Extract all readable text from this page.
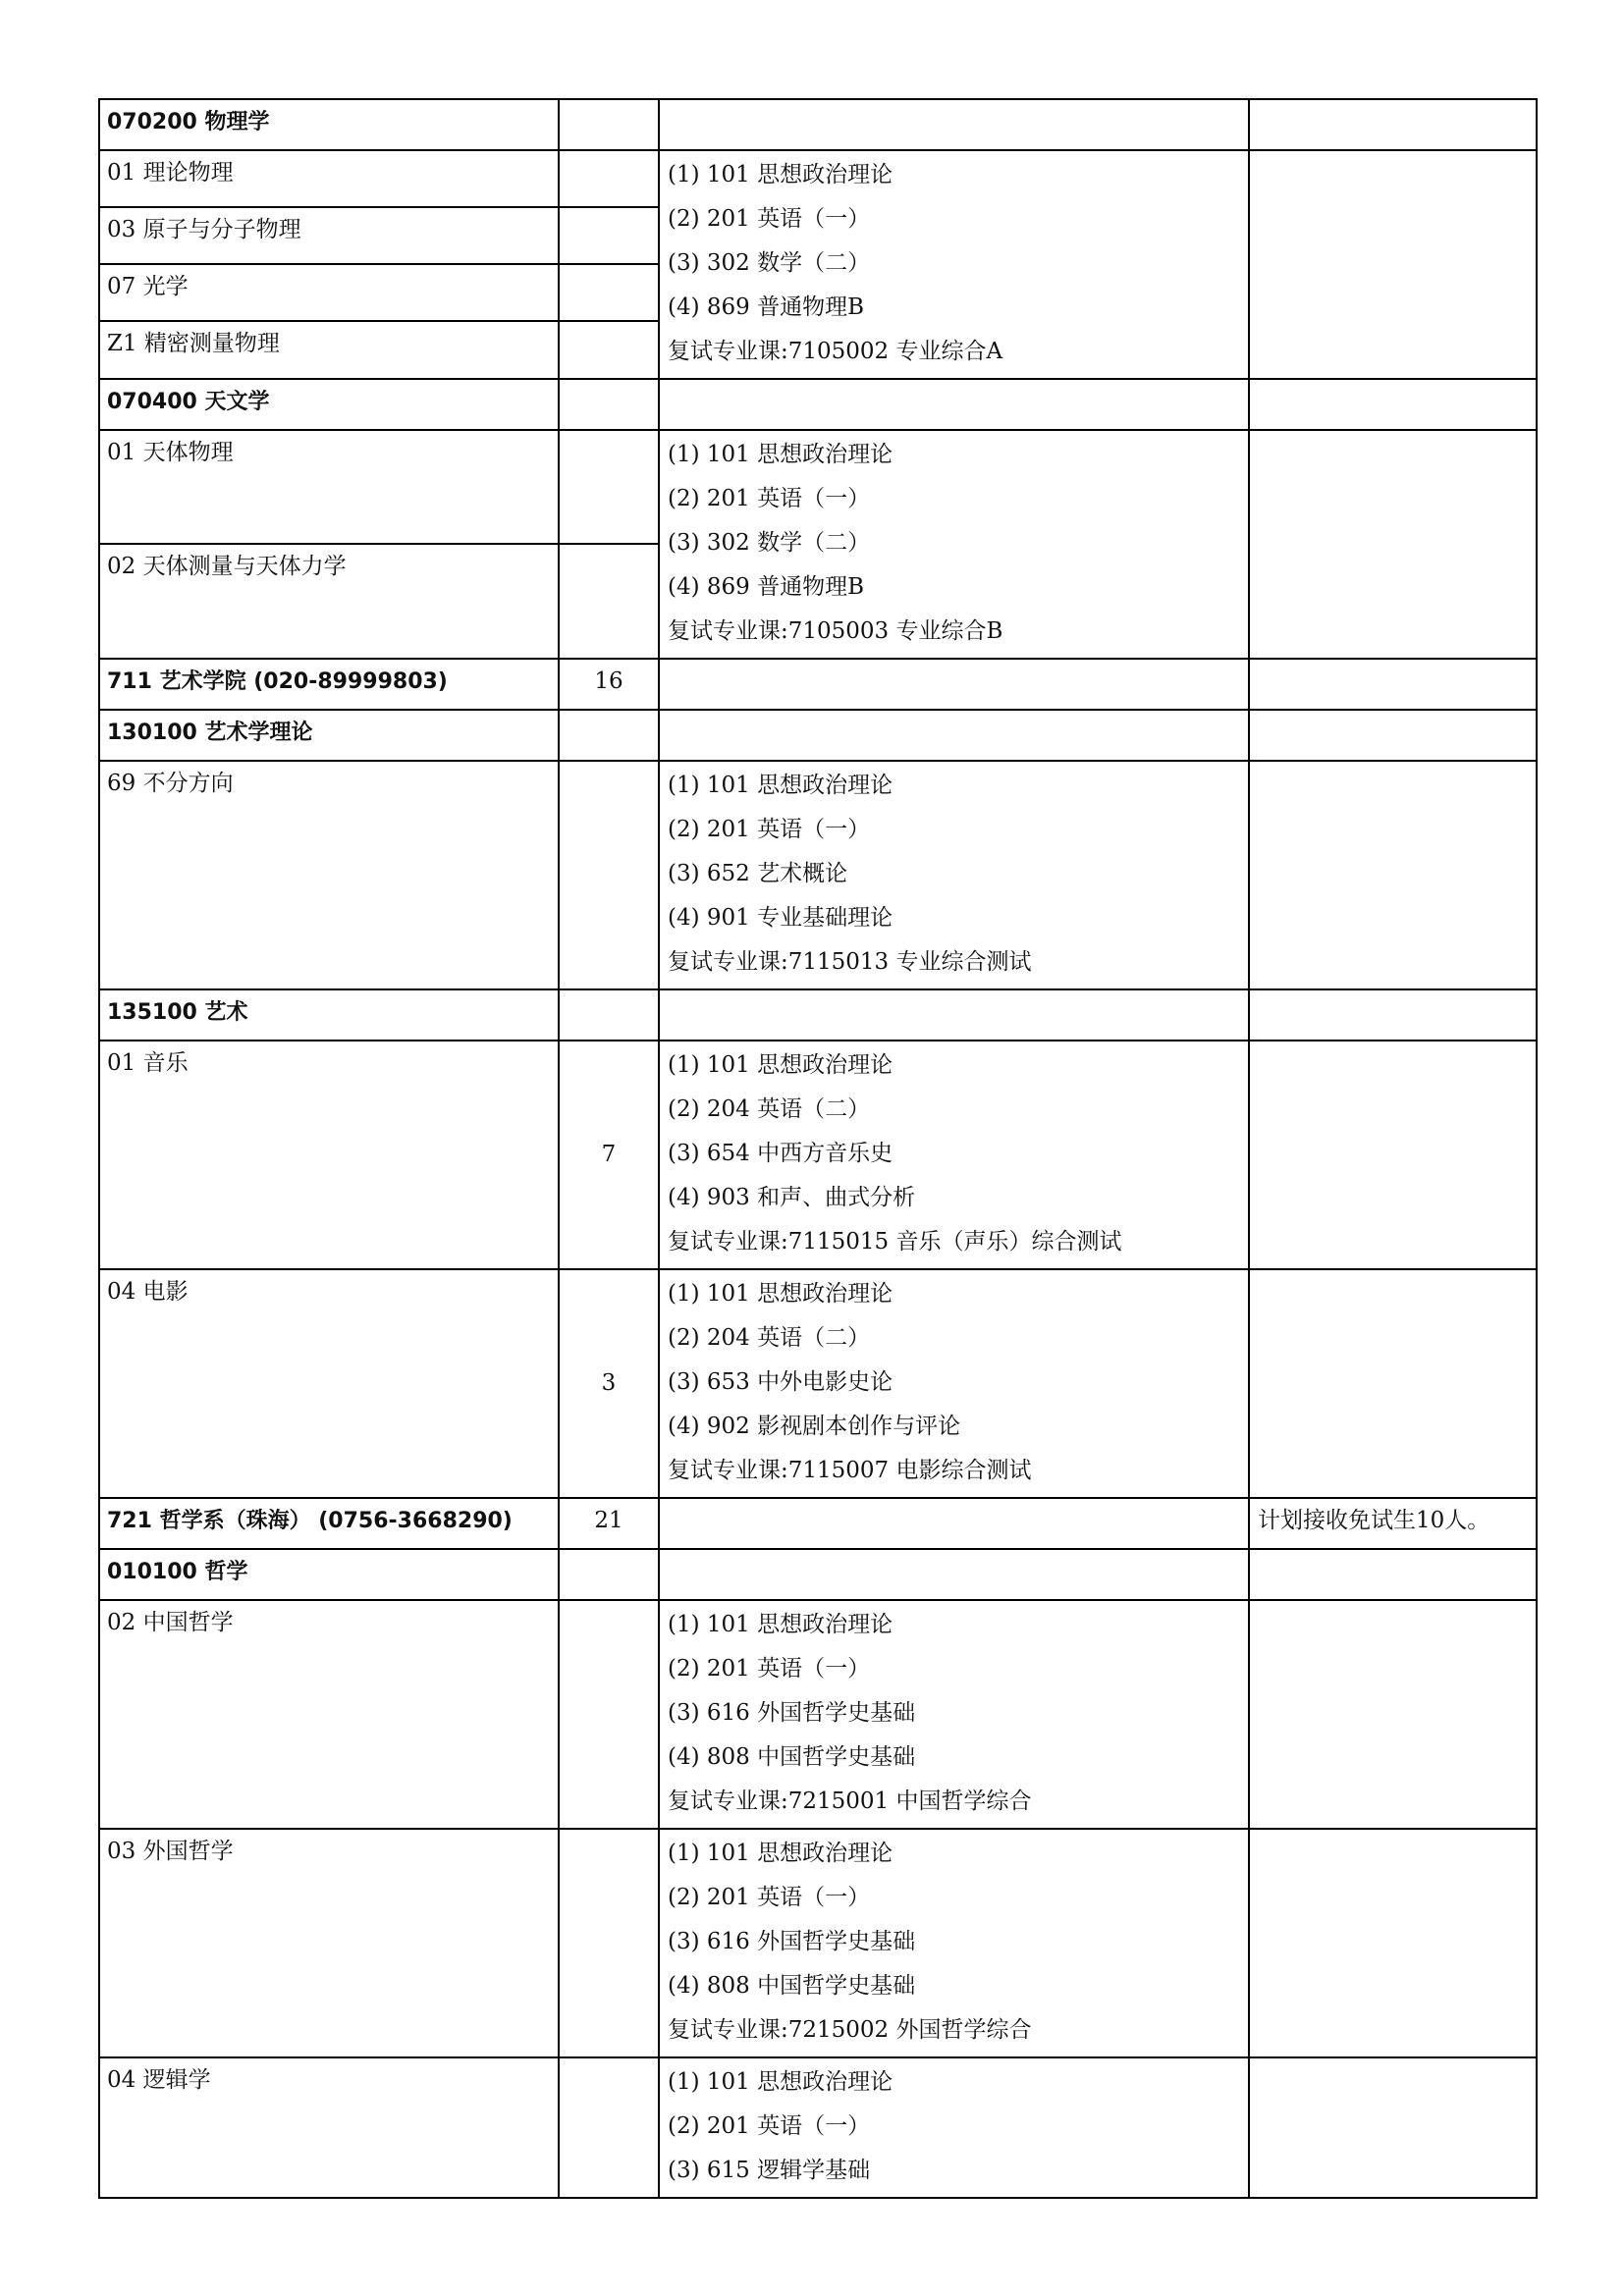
070200 物理学			

01 理论物理		(1) 101 思想政治理论
(2) 201 英语（一）
(3) 302 数学（二）
(4) 869 普通物理B
复试专业课:7105002 专业综合A	

03 原子与分子物理			

07 光学			

Z1 精密测量物理			

070400 天文学			

01 天体物理		(1) 101 思想政治理论
(2) 201 英语（一）
(3) 302 数学（二）
(4) 869 普通物理B
复试专业课:7105003 专业综合B	

02 天体测量与天体力学			

711 艺术学院 (020-89999803)	16		
130100 艺术学理论			

69 不分方向		(1) 101 思想政治理论
(2) 201 英语（一）
(3) 652 艺术概论
(4) 901 专业基础理论
复试专业课:7115013 专业综合测试	

135100 艺术			

01 音乐	7	(1) 101 思想政治理论
(2) 204 英语（二）
(3) 654 中西方音乐史
(4) 903 和声、曲式分析
复试专业课:7115015 音乐（声乐）综合测试	

04 电影	3	(1) 101 思想政治理论
(2) 204 英语（二）
(3) 653 中外电影史论
(4) 902 影视剧本创作与评论
复试专业课:7115007 电影综合测试	

721 哲学系（珠海） (0756-3668290)	21		计划接收免试生10人。
010100 哲学			

02 中国哲学		(1) 101 思想政治理论
(2) 201 英语（一）
(3) 616 外国哲学史基础
(4) 808 中国哲学史基础
复试专业课:7215001 中国哲学综合	

03 外国哲学		(1) 101 思想政治理论
(2) 201 英语（一）
(3) 616 外国哲学史基础
(4) 808 中国哲学史基础
复试专业课:7215002 外国哲学综合	

04 逻辑学		(1) 101 思想政治理论
(2) 201 英语（一）
(3) 615 逻辑学基础	
